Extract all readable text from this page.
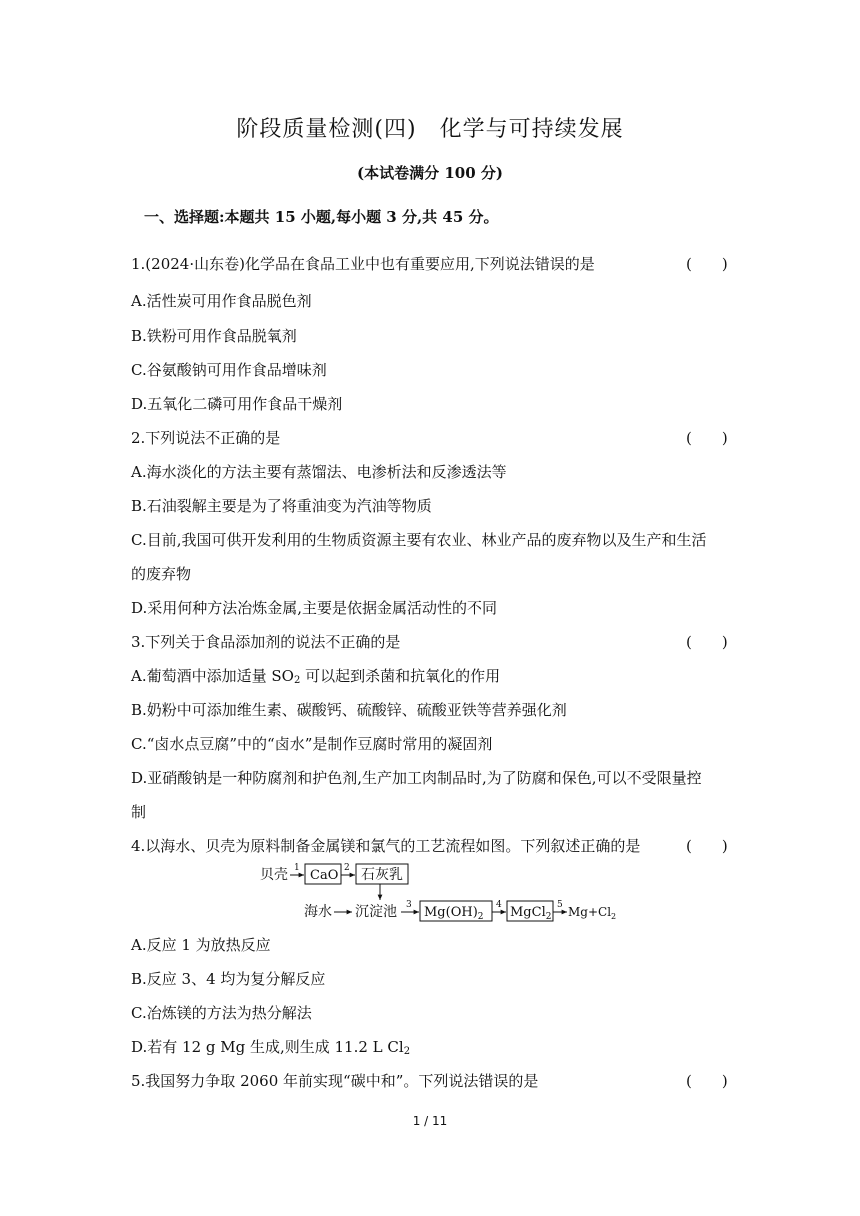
阶段质量检测(四)　化学与可持续发展
(本试卷满分 100 分)
一、选择题:本题共 15 小题,每小题 3 分,共 45 分。
1.(2024·山东卷)化学品在食品工业中也有重要应用,下列说法错误的是	(　　)
A.活性炭可用作食品脱色剂
B.铁粉可用作食品脱氧剂
C.谷氨酸钠可用作食品增味剂
D.五氧化二磷可用作食品干燥剂
2.下列说法不正确的是	(　　)
A.海水淡化的方法主要有蒸馏法、电渗析法和反渗透法等
B.石油裂解主要是为了将重油变为汽油等物质
C.目前,我国可供开发利用的生物质资源主要有农业、林业产品的废弃物以及生产和生活
的废弃物
D.采用何种方法冶炼金属,主要是依据金属活动性的不同
3.下列关于食品添加剂的说法不正确的是	(　　)
A.葡萄酒中添加适量 $SO_2$ 可以起到杀菌和抗氧化的作用
B.奶粉中可添加维生素、碳酸钙、硫酸锌、硫酸亚铁等营养强化剂
C.“卤水点豆腐”中的“卤水”是制作豆腐时常用的凝固剂
D.亚硝酸钠是一种防腐剂和护色剂,生产加工肉制品时,为了防腐和保色,可以不受限量控
制
4.以海水、贝壳为原料制备金属镁和氯气的工艺流程如图。下列叙述正确的是	(　　)
贝壳 1 CaO 2 石灰乳
海水 沉淀池 3 $Mg(OH)_2$
4 MgCl$_2$
5 $Mg+Cl_2$
A.反应 1 为放热反应
B.反应 3、4 均为复分解反应
C.冶炼镁的方法为热分解法
D.若有 12 g Mg 生成,则生成 11.2 L $Cl_2$
5.我国努力争取 2060 年前实现“碳中和”。下列说法错误的是	(　　)
1 / 11
